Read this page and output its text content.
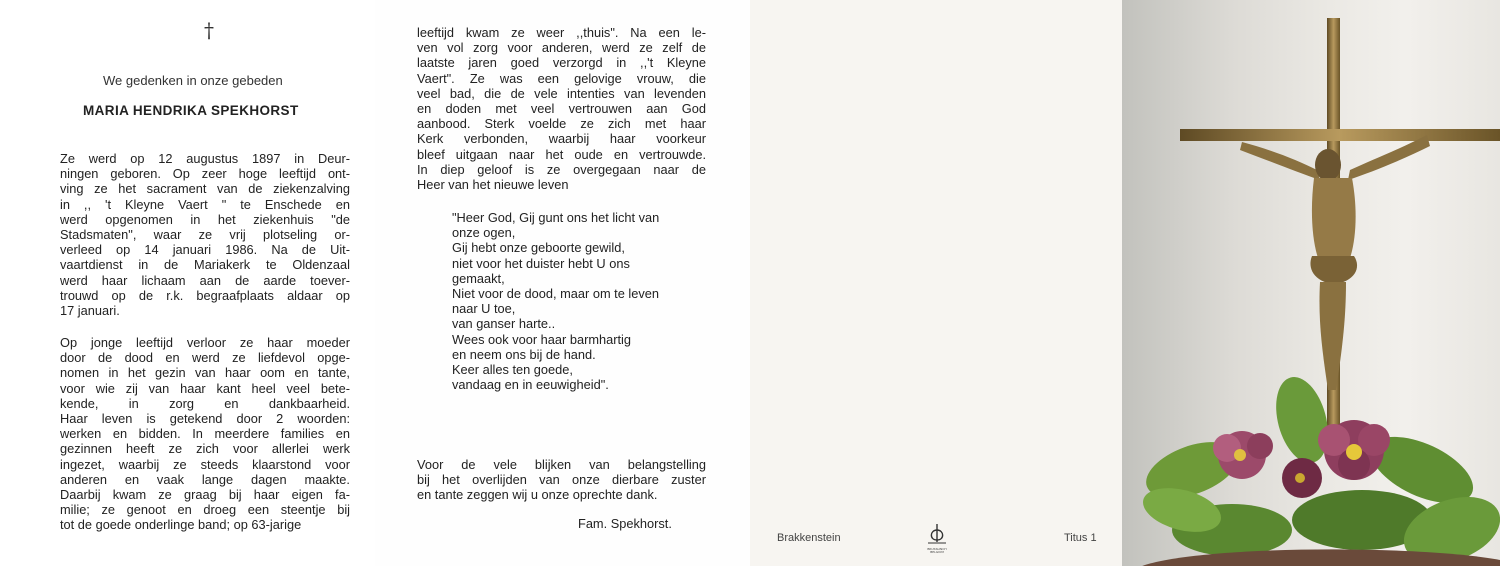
†
We gedenken in onze gebeden
MARIA HENDRIKA SPEKHORST
Ze werd op 12 augustus 1897 in Deur-
ningen geboren. Op zeer hoge leeftijd ont-
ving ze het sacrament van de ziekenzalving
in ,, 't Kleyne Vaert " te Enschede en
werd opgenomen in het ziekenhuis "de
Stadsmaten", waar ze vrij plotseling or-
verleed op 14 januari 1986. Na de Uit-
vaartdienst in de Mariakerk te Oldenzaal
werd haar lichaam aan de aarde toever-
trouwd op de r.k. begraafplaats aldaar op
17 januari.
Op jonge leeftijd verloor ze haar moeder
door de dood en werd ze liefdevol opge-
nomen in het gezin van haar oom en tante,
voor wie zij van haar kant heel veel bete-
kende, in zorg en dankbaarheid.
Haar leven is getekend door 2 woorden:
werken en bidden. In meerdere families en
gezinnen heeft ze zich voor allerlei werk
ingezet, waarbij ze steeds klaarstond voor
anderen en vaak lange dagen maakte.
Daarbij kwam ze graag bij haar eigen fa-
milie; ze genoot en droeg een steentje bij
tot de goede onderlinge band; op 63-jarige
leeftijd kwam ze weer ,,thuis". Na een le-
ven vol zorg voor anderen, werd ze zelf de
laatste jaren goed verzorgd in ,,'t Kleyne
Vaert". Ze was een gelovige vrouw, die
veel bad, die de vele intenties van levenden
en doden met veel vertrouwen aan God
aanbood. Sterk voelde ze zich met haar
Kerk verbonden, waarbij haar voorkeur
bleef uitgaan naar het oude en vertrouwde.
In diep geloof is ze overgegaan naar de
Heer van het nieuwe leven
"Heer God, Gij gunt ons het licht van
onze ogen,
Gij hebt onze geboorte gewild,
niet voor het duister hebt U ons
gemaakt,
Niet voor de dood, maar om te leven
naar U toe,
van ganser harte..
Wees ook voor haar barmhartig
en neem ons bij de hand.
Keer alles ten goede,
vandaag en in eeuwigheid".
Voor de vele blijken van belangstelling
bij het overlijden van onze dierbare zuster
en tante zeggen wij u onze oprechte dank.
Fam. Spekhorst.
Brakkenstein
BRUSSLINCH
BELGIUM
Titus 1
